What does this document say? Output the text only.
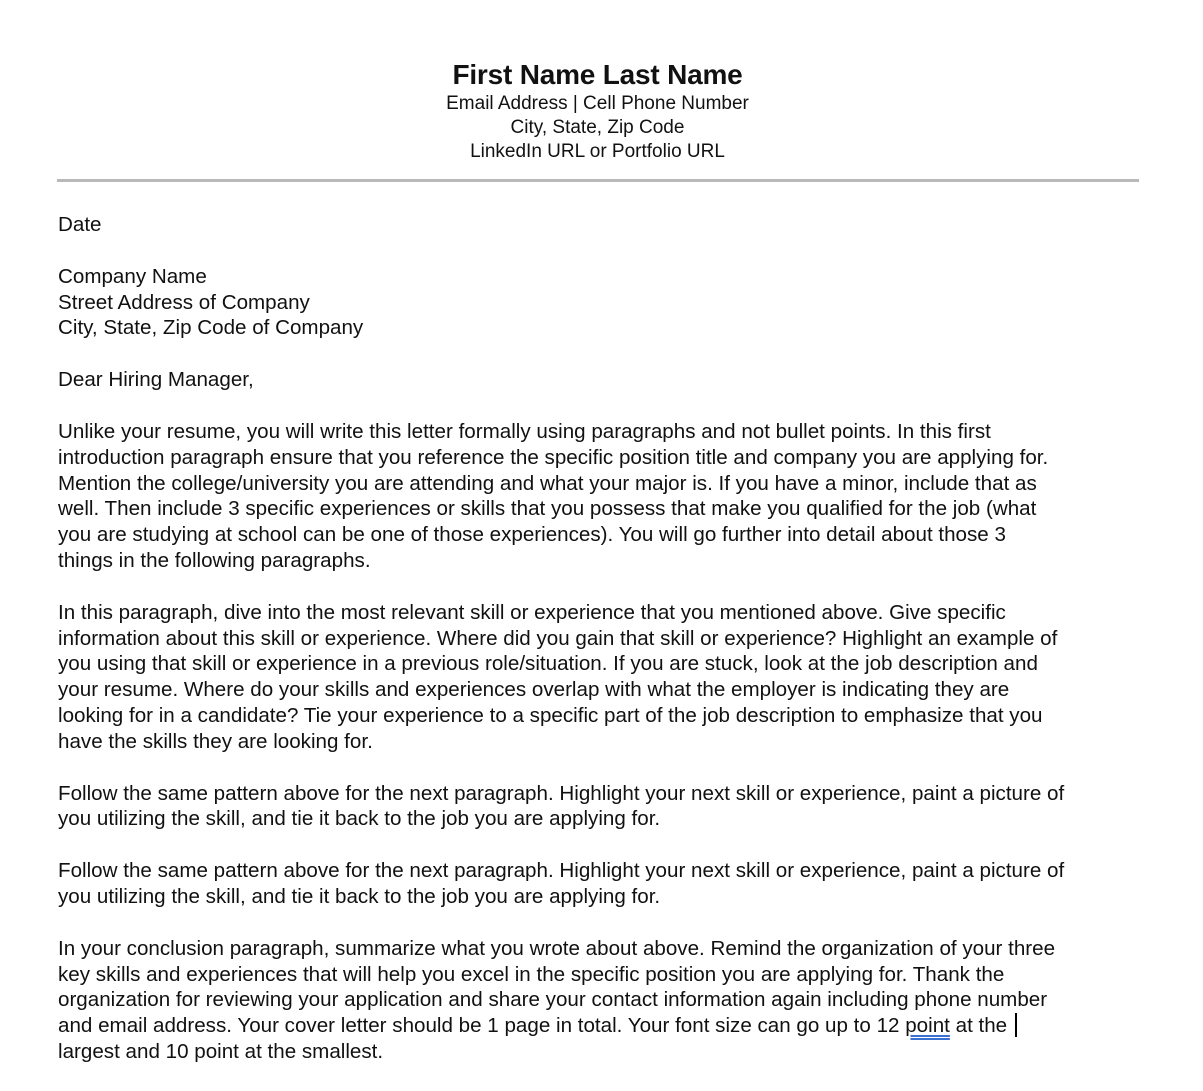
First Name Last Name

Email Address | Cell Phone Number

City, State, Zip Code

LinkedIn URL or Portfolio URL

Date

Company Name
Street Address of Company
City, State, Zip Code of Company

Dear Hiring Manager,

Unlike your resume, you will write this letter formally using paragraphs and not bullet points. In this first
introduction paragraph ensure that you reference the specific position title and company you are applying for.
Mention the college/university you are attending and what your major is. If you have a minor, include that as
well. Then include 3 specific experiences or skills that you possess that make you qualified for the job (what
you are studying at school can be one of those experiences). You will go further into detail about those 3
things in the following paragraphs.

In this paragraph, dive into the most relevant skill or experience that you mentioned above. Give specific
information about this skill or experience. Where did you gain that skill or experience? Highlight an example of
you using that skill or experience in a previous role/situation. If you are stuck, look at the job description and
your resume. Where do your skills and experiences overlap with what the employer is indicating they are
looking for in a candidate? Tie your experience to a specific part of the job description to emphasize that you
have the skills they are looking for.

Follow the same pattern above for the next paragraph. Highlight your next skill or experience, paint a picture of
you utilizing the skill, and tie it back to the job you are applying for.

Follow the same pattern above for the next paragraph. Highlight your next skill or experience, paint a picture of
you utilizing the skill, and tie it back to the job you are applying for.

In your conclusion paragraph, summarize what you wrote about above. Remind the organization of your three
key skills and experiences that will help you excel in the specific position you are applying for. Thank the
organization for reviewing your application and share your contact information again including phone number
and email address. Your cover letter should be 1 page in total. Your font size can go up to 12 point at the
largest and 10 point at the smallest.
